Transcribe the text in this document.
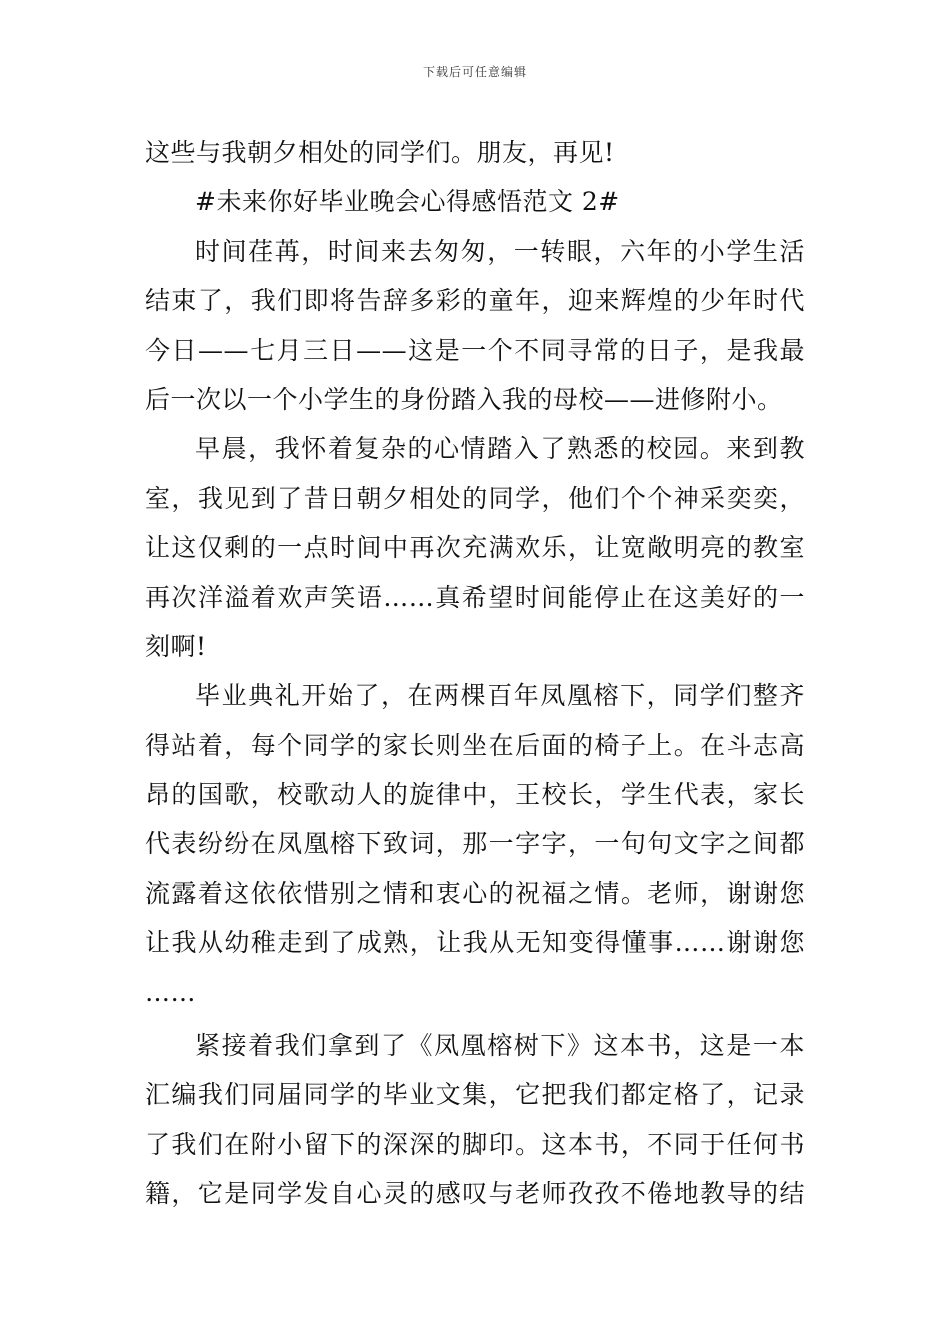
下载后可任意编辑
这些与我朝夕相处的同学们。朋友，再见!
#未来你好毕业晚会心得感悟范文 2#
时间荏苒，时间来去匆匆，一转眼，六年的小学生活
结束了，我们即将告辞多彩的童年，迎来辉煌的少年时代
今日——七月三日——这是一个不同寻常的日子，是我最
后一次以一个小学生的身份踏入我的母校——进修附小。
早晨，我怀着复杂的心情踏入了熟悉的校园。来到教
室，我见到了昔日朝夕相处的同学，他们个个神采奕奕，
让这仅剩的一点时间中再次充满欢乐，让宽敞明亮的教室
再次洋溢着欢声笑语……真希望时间能停止在这美好的一
刻啊!
毕业典礼开始了，在两棵百年凤凰榕下，同学们整齐
得站着，每个同学的家长则坐在后面的椅子上。在斗志高
昂的国歌，校歌动人的旋律中，王校长，学生代表，家长
代表纷纷在凤凰榕下致词，那一字字，一句句文字之间都
流露着这依依惜别之情和衷心的祝福之情。老师，谢谢您
让我从幼稚走到了成熟，让我从无知变得懂事……谢谢您
……
紧接着我们拿到了《凤凰榕树下》这本书，这是一本
汇编我们同届同学的毕业文集，它把我们都定格了，记录
了我们在附小留下的深深的脚印。这本书，不同于任何书
籍，它是同学发自心灵的感叹与老师孜孜不倦地教导的结
